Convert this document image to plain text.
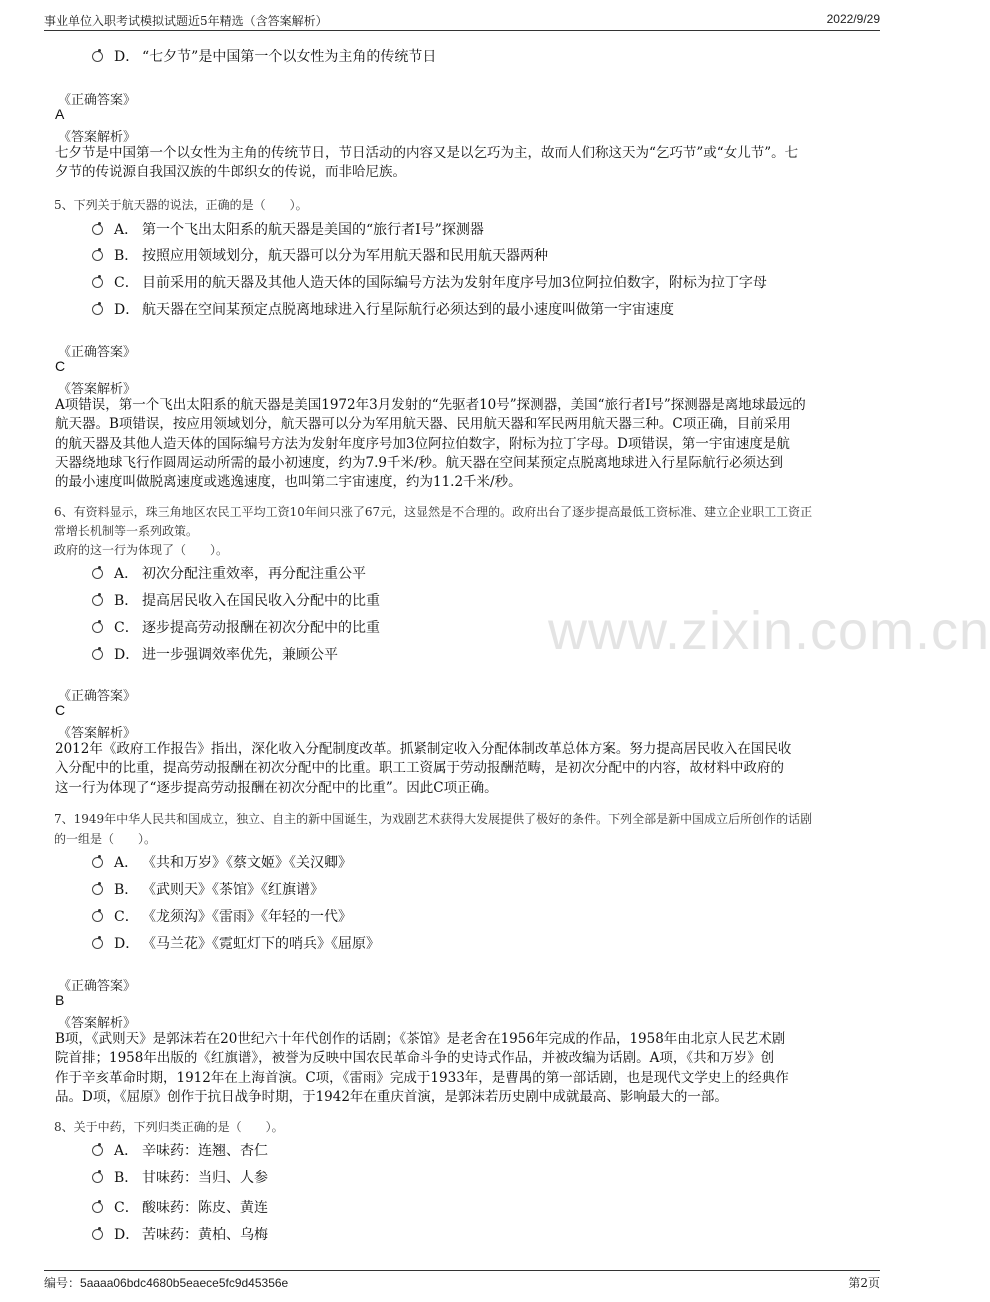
事业单位入职考试模拟试题近5年精选（含答案解析）	2022/9/29
www.zixin.com.cn
D． “七夕节”是中国第一个以女性为主角的传统节日
《正确答案》
A
《答案解析》
七夕节是中国第一个以女性为主角的传统节日，节日活动的内容又是以乞巧为主，故而人们称这天为“乞巧节”或“女儿节”。七
夕节的传说源自我国汉族的牛郎织女的传说，而非哈尼族。
5、下列关于航天器的说法，正确的是（　　）。
A． 第一个飞出太阳系的航天器是美国的“旅行者I号”探测器
B． 按照应用领域划分，航天器可以分为军用航天器和民用航天器两种
C． 目前采用的航天器及其他人造天体的国际编号方法为发射年度序号加3位阿拉伯数字，附标为拉丁字母
D． 航天器在空间某预定点脱离地球进入行星际航行必须达到的最小速度叫做第一宇宙速度
《正确答案》
C
《答案解析》
A项错误，第一个飞出太阳系的航天器是美国1972年3月发射的“先驱者10号”探测器，美国“旅行者I号”探测器是离地球最远的
航天器。B项错误，按应用领域划分，航天器可以分为军用航天器、民用航天器和军民两用航天器三种。C项正确，目前采用
的航天器及其他人造天体的国际编号方法为发射年度序号加3位阿拉伯数字，附标为拉丁字母。D项错误，第一宇宙速度是航
天器绕地球飞行作圆周运动所需的最小初速度，约为7.9千米/秒。航天器在空间某预定点脱离地球进入行星际航行必须达到
的最小速度叫做脱离速度或逃逸速度，也叫第二宇宙速度，约为11.2千米/秒。
6、有资料显示，珠三角地区农民工平均工资10年间只涨了67元，这显然是不合理的。政府出台了逐步提高最低工资标准、建立企业职工工资正
常增长机制等一系列政策。
政府的这一行为体现了（　　）。
A． 初次分配注重效率，再分配注重公平
B． 提高居民收入在国民收入分配中的比重
C． 逐步提高劳动报酬在初次分配中的比重
D． 进一步强调效率优先，兼顾公平
《正确答案》
C
《答案解析》
2012年《政府工作报告》指出，深化收入分配制度改革。抓紧制定收入分配体制改革总体方案。努力提高居民收入在国民收
入分配中的比重，提高劳动报酬在初次分配中的比重。职工工资属于劳动报酬范畴，是初次分配中的内容，故材料中政府的
这一行为体现了“逐步提高劳动报酬在初次分配中的比重”。因此C项正确。
7、1949年中华人民共和国成立，独立、自主的新中国诞生，为戏剧艺术获得大发展提供了极好的条件。下列全部是新中国成立后所创作的话剧
的一组是（　　）。
A． 《共和万岁》《蔡文姬》《关汉卿》
B． 《武则天》《茶馆》《红旗谱》
C． 《龙须沟》《雷雨》《年轻的一代》
D． 《马兰花》《霓虹灯下的哨兵》《屈原》
《正确答案》
B
《答案解析》
B项，《武则天》是郭沫若在20世纪六十年代创作的话剧；《茶馆》是老舍在1956年完成的作品，1958年由北京人民艺术剧
院首排；1958年出版的《红旗谱》，被誉为反映中国农民革命斗争的史诗式作品，并被改编为话剧。A项，《共和万岁》创
作于辛亥革命时期，1912年在上海首演。C项，《雷雨》完成于1933年，是曹禺的第一部话剧，也是现代文学史上的经典作
品。D项，《屈原》创作于抗日战争时期，于1942年在重庆首演，是郭沫若历史剧中成就最高、影响最大的一部。
8、关于中药，下列归类正确的是（　　）。
A． 辛味药：连翘、杏仁
B． 甘味药：当归、人参
C． 酸味药：陈皮、黄连
D． 苦味药：黄柏、乌梅
编号：5aaaa06bdc4680b5eaece5fc9d45356e	第2页
